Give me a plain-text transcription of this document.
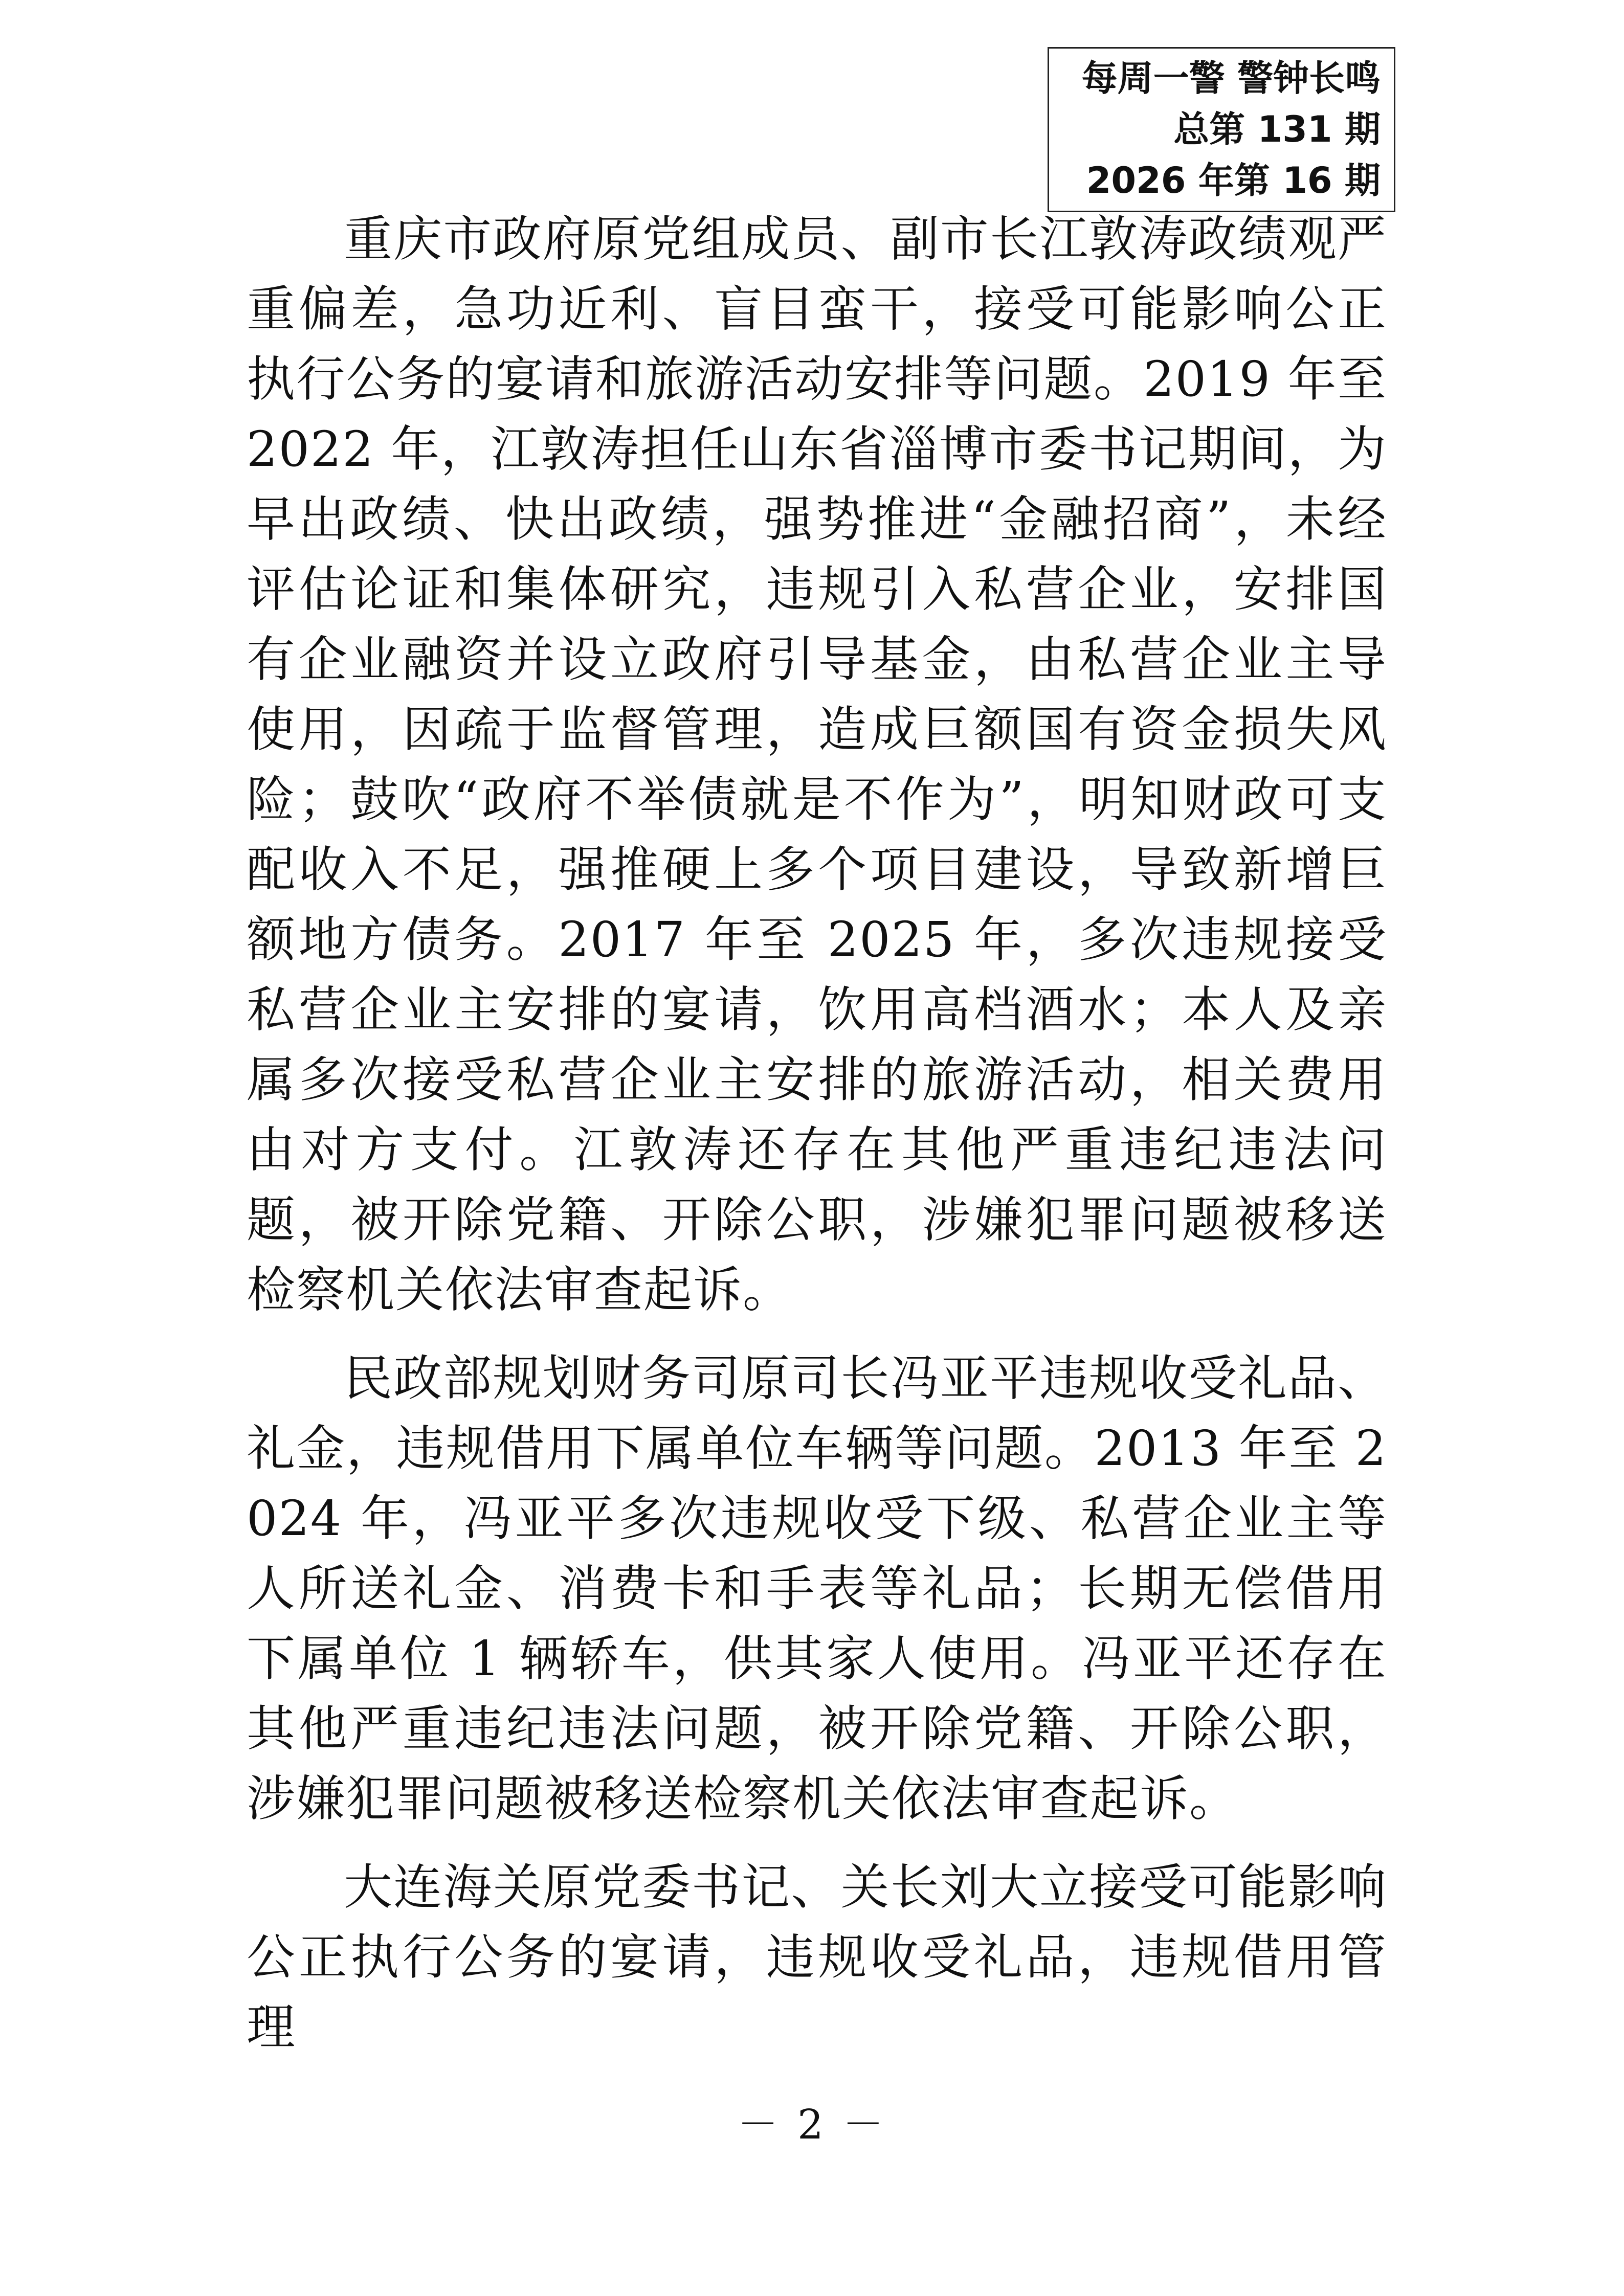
每周一警 警钟长鸣
总第 131 期
2026 年第 16 期

重庆市政府原党组成员、副市长江敦涛政绩观严重偏差，急功近利、盲目蛮干，接受可能影响公正执行公务的宴请和旅游活动安排等问题。2019 年至 2022 年，江敦涛担任山东省淄博市委书记期间，为早出政绩、快出政绩，强势推进“金融招商”，未经评估论证和集体研究，违规引入私营企业，安排国有企业融资并设立政府引导基金，由私营企业主导使用，因疏于监督管理，造成巨额国有资金损失风险；鼓吹“政府不举债就是不作为”，明知财政可支配收入不足，强推硬上多个项目建设，导致新增巨额地方债务。2017 年至 2025 年，多次违规接受私营企业主安排的宴请，饮用高档酒水；本人及亲属多次接受私营企业主安排的旅游活动，相关费用由对方支付。江敦涛还存在其他严重违纪违法问题，被开除党籍、开除公职，涉嫌犯罪问题被移送检察机关依法审查起诉。

民政部规划财务司原司长冯亚平违规收受礼品、礼金，违规借用下属单位车辆等问题。2013 年至 2024 年，冯亚平多次违规收受下级、私营企业主等人所送礼金、消费卡和手表等礼品；长期无偿借用下属单位 1 辆轿车，供其家人使用。冯亚平还存在其他严重违纪违法问题，被开除党籍、开除公职，涉嫌犯罪问题被移送检察机关依法审查起诉。

大连海关原党委书记、关长刘大立接受可能影响公正执行公务的宴请，违规收受礼品，违规借用管理

－ 2 －
